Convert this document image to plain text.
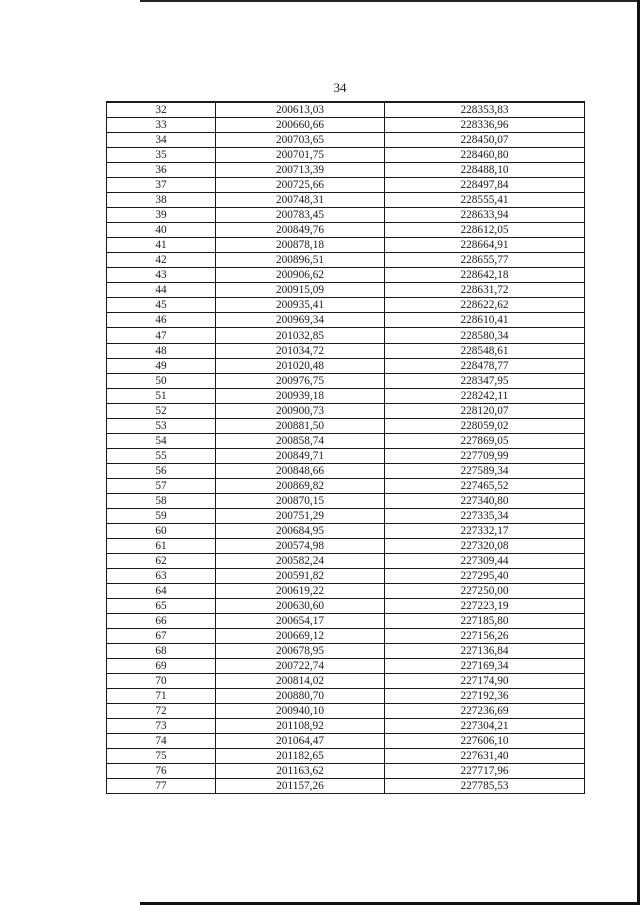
34
32	200613,03	228353,83
33	200660,66	228336,96
34	200703,65	228450,07
35	200701,75	228460,80
36	200713,39	228488,10
37	200725,66	228497,84
38	200748,31	228555,41
39	200783,45	228633,94
40	200849,76	228612,05
41	200878,18	228664,91
42	200896,51	228655,77
43	200906,62	228642,18
44	200915,09	228631,72
45	200935,41	228622,62
46	200969,34	228610,41
47	201032,85	228580,34
48	201034,72	228548,61
49	201020,48	228478,77
50	200976,75	228347,95
51	200939,18	228242,11
52	200900,73	228120,07
53	200881,50	228059,02
54	200858,74	227869,05
55	200849,71	227709,99
56	200848,66	227589,34
57	200869,82	227465,52
58	200870,15	227340,80
59	200751,29	227335,34
60	200684,95	227332,17
61	200574,98	227320,08
62	200582,24	227309,44
63	200591,82	227295,40
64	200619,22	227250,00
65	200630,60	227223,19
66	200654,17	227185,80
67	200669,12	227156,26
68	200678,95	227136,84
69	200722,74	227169,34
70	200814,02	227174,90
71	200880,70	227192,36
72	200940,10	227236,69
73	201108,92	227304,21
74	201064,47	227606,10
75	201182,65	227631,40
76	201163,62	227717,96
77	201157,26	227785,53
